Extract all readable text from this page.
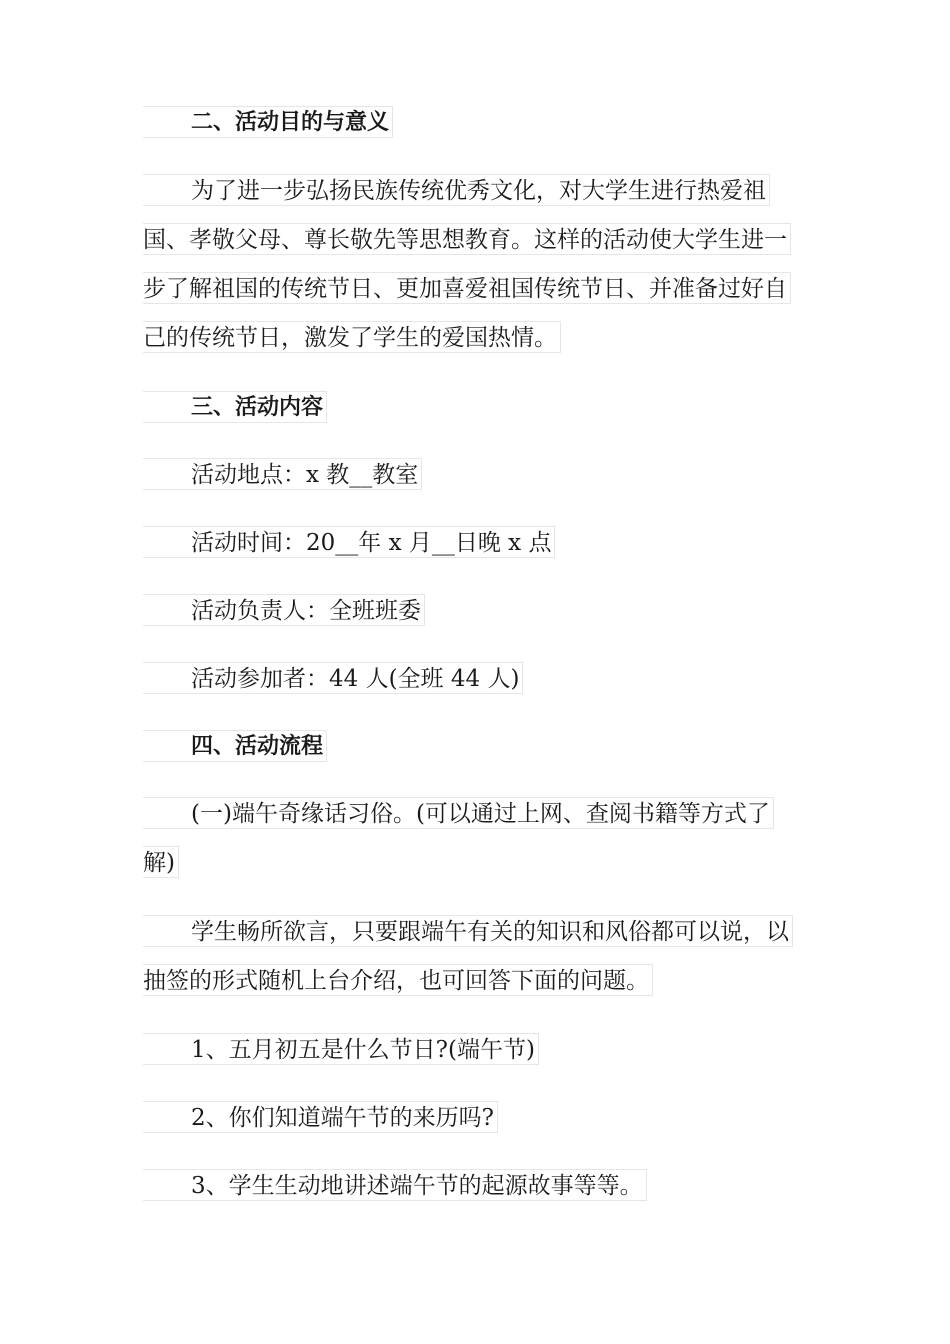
二、活动目的与意义
为了进一步弘扬民族传统优秀文化，对大学生进行热爱祖
国、孝敬父母、尊长敬先等思想教育。这样的活动使大学生进一
步了解祖国的传统节日、更加喜爱祖国传统节日、并准备过好自
己的传统节日，激发了学生的爱国热情。
三、活动内容
活动地点：x 教__教室
活动时间：20__年 x 月__日晚 x 点
活动负责人：全班班委
活动参加者：44 人(全班 44 人)
四、活动流程
(一)端午奇缘话习俗。(可以通过上网、查阅书籍等方式了
解)
学生畅所欲言，只要跟端午有关的知识和风俗都可以说，以
抽签的形式随机上台介绍，也可回答下面的问题。
1、五月初五是什么节日?(端午节)
2、你们知道端午节的来历吗?
3、学生生动地讲述端午节的起源故事等等。
